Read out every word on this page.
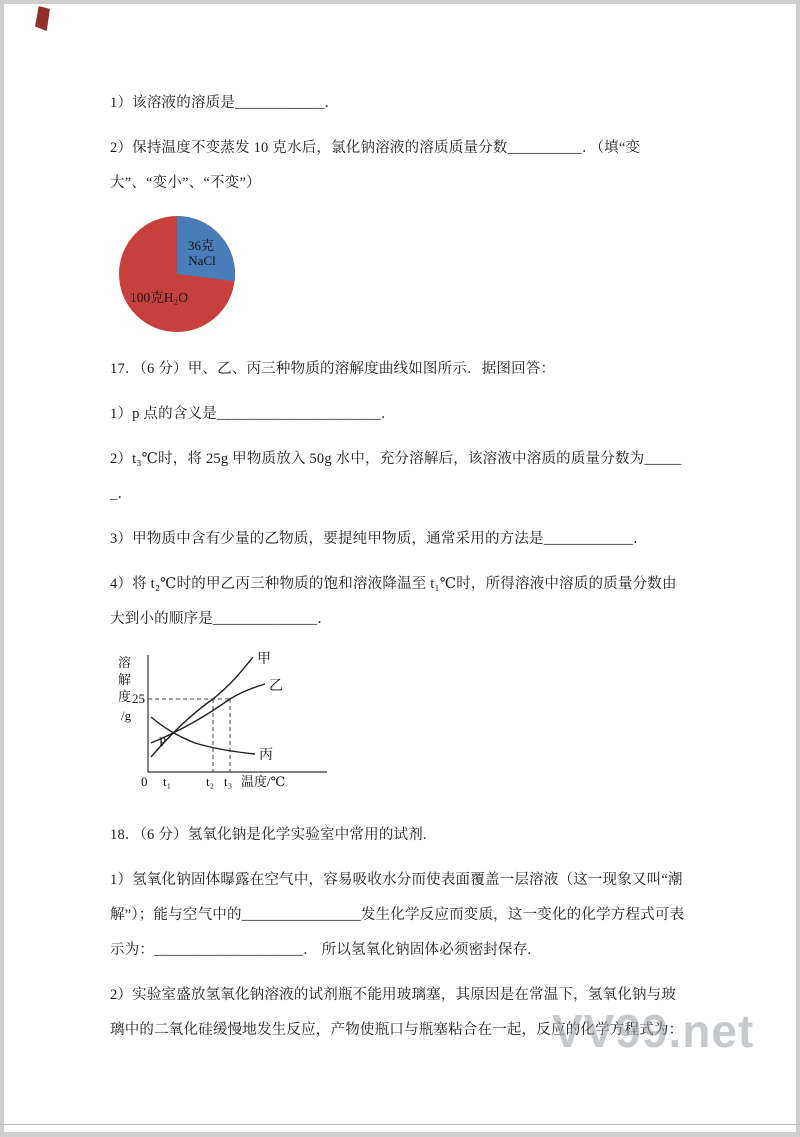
1）该溶液的溶质是____________．

2）保持温度不变蒸发 10 克水后，氯化钠溶液的溶质质量分数__________．（填“变大”、“变小”、“不变”）

36克
NaCl
100克H₂O

17．（6 分）甲、乙、丙三种物质的溶解度曲线如图所示．据图回答：

1）p 点的含义是______________________．

2）t₃℃时，将 25g 甲物质放入 50g 水中，充分溶解后，该溶液中溶质的质量分数为______．

3）甲物质中含有少量的乙物质，要提纯甲物质，通常采用的方法是____________．

4）将 t₂℃时的甲乙丙三种物质的饱和溶液降温至 t₁℃时，所得溶液中溶质的质量分数由大到小的顺序是______________．

溶
解
度 25
/g
0 t₁	t₂ t₃ 温度/℃
甲
乙
丙
P

18．（6 分）氢氧化钠是化学实验室中常用的试剂.

1）氢氧化钠固体曝露在空气中，容易吸收水分而使表面覆盖一层溶液（这一现象又叫“潮解”）；能与空气中的________________发生化学反应而变质，这一变化的化学方程式可表示为：____________________． 所以氢氧化钠固体必须密封保存.

2）实验室盛放氢氧化钠溶液的试剂瓶不能用玻璃塞，其原因是在常温下，氢氧化钠与玻璃中的二氧化硅缓慢地发生反应，产物使瓶口与瓶塞粘合在一起，反应的化学方程式为：

VV99.net
